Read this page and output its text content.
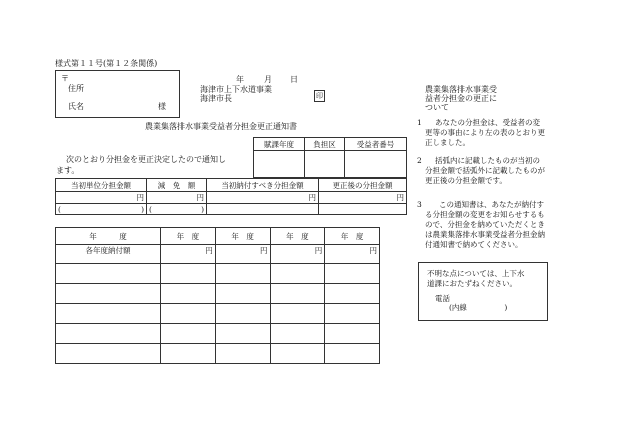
様式第１１号(第１２条関係)
〒
住所
氏名	様
年	月 日
海津市上下水道事業
海津市長	印
農業集落排水事業受
益者分担金の更正に
ついて
農業集落排水事業受益者分担金更正通知書
次のとおり分担金を更正決定したので通知し
ます。
賦課年度	負担区	受益者番号

当初単位分担金額	減　免　額	当初納付すべき分担金額	更正後の分担金額
円	円	円	円
( )	( )		

年　　　度	年　度	年　度	年　度	年　度
各年度納付額	円	円	円	円

1	あなたの分担金は、受益者の変更等の事由により左の表のとおり更正しました。
2	括弧内に記載したものが当初の分担金額で括弧外に記載したものが更正後の分担金額です。
3	この通知書は、あなたが納付する分担金額の変更をお知らせするもので、分担金を納めていただくときは農業集落排水事業受益者分担金納付通知書で納めてください。
不明な点については、上下水
道課におたずねください。
電話
(内線　　　　　)
